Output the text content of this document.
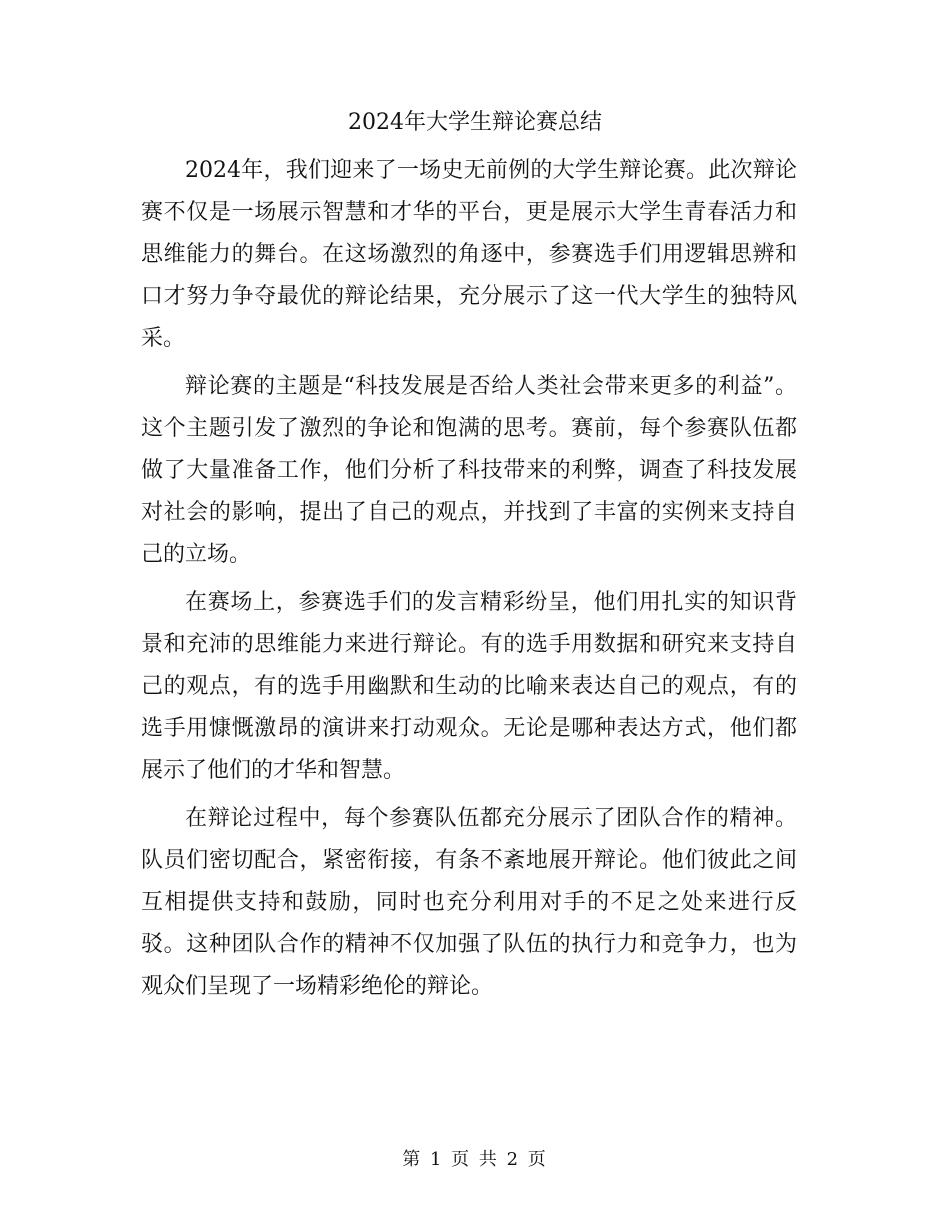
2024年大学生辩论赛总结

2024年，我们迎来了一场史无前例的大学生辩论赛。此次辩论赛不仅是一场展示智慧和才华的平台，更是展示大学生青春活力和思维能力的舞台。在这场激烈的角逐中，参赛选手们用逻辑思辨和口才努力争夺最优的辩论结果，充分展示了这一代大学生的独特风采。

辩论赛的主题是“科技发展是否给人类社会带来更多的利益”。这个主题引发了激烈的争论和饱满的思考。赛前，每个参赛队伍都做了大量准备工作，他们分析了科技带来的利弊，调查了科技发展对社会的影响，提出了自己的观点，并找到了丰富的实例来支持自己的立场。

在赛场上，参赛选手们的发言精彩纷呈，他们用扎实的知识背景和充沛的思维能力来进行辩论。有的选手用数据和研究来支持自己的观点，有的选手用幽默和生动的比喻来表达自己的观点，有的选手用慷慨激昂的演讲来打动观众。无论是哪种表达方式，他们都展示了他们的才华和智慧。

在辩论过程中，每个参赛队伍都充分展示了团队合作的精神。队员们密切配合，紧密衔接，有条不紊地展开辩论。他们彼此之间互相提供支持和鼓励，同时也充分利用对手的不足之处来进行反驳。这种团队合作的精神不仅加强了队伍的执行力和竞争力，也为观众们呈现了一场精彩绝伦的辩论。

第 1 页 共 2 页
